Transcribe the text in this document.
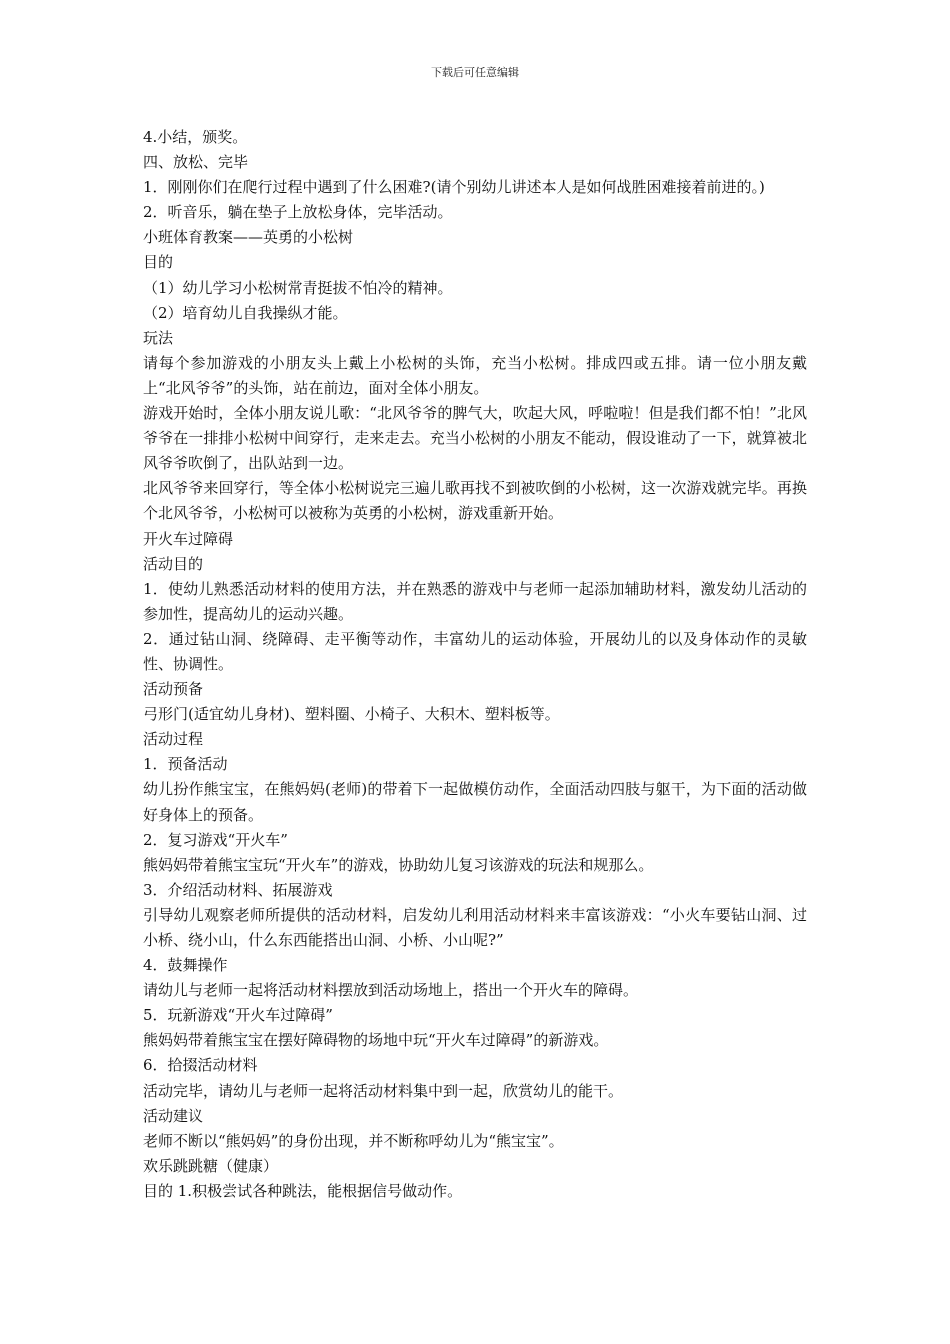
下载后可任意编辑

4.小结，颁奖。

四、放松、完毕

1．刚刚你们在爬行过程中遇到了什么困难?(请个别幼儿讲述本人是如何战胜困难接着前进的。)

2．听音乐，躺在垫子上放松身体，完毕活动。

小班体育教案——英勇的小松树

目的

（1）幼儿学习小松树常青挺拔不怕冷的精神。

（2）培育幼儿自我操纵才能。

玩法

请每个参加游戏的小朋友头上戴上小松树的头饰，充当小松树。排成四或五排。请一位小朋友戴上“北风爷爷”的头饰，站在前边，面对全体小朋友。

游戏开始时，全体小朋友说儿歌：“北风爷爷的脾气大，吹起大风，呼啦啦！但是我们都不怕！”北风爷爷在一排排小松树中间穿行，走来走去。充当小松树的小朋友不能动，假设谁动了一下，就算被北风爷爷吹倒了，出队站到一边。

北风爷爷来回穿行，等全体小松树说完三遍儿歌再找不到被吹倒的小松树，这一次游戏就完毕。再换个北风爷爷，小松树可以被称为英勇的小松树，游戏重新开始。

开火车过障碍

活动目的

1．使幼儿熟悉活动材料的使用方法，并在熟悉的游戏中与老师一起添加辅助材料，激发幼儿活动的参加性，提高幼儿的运动兴趣。

2．通过钻山洞、绕障碍、走平衡等动作，丰富幼儿的运动体验，开展幼儿的以及身体动作的灵敏性、协调性。

活动预备

弓形门(适宜幼儿身材)、塑料圈、小椅子、大积木、塑料板等。

活动过程

1．预备活动

幼儿扮作熊宝宝，在熊妈妈(老师)的带着下一起做模仿动作，全面活动四肢与躯干，为下面的活动做好身体上的预备。

2．复习游戏“开火车”

熊妈妈带着熊宝宝玩“开火车”的游戏，协助幼儿复习该游戏的玩法和规那么。

3．介绍活动材料、拓展游戏

引导幼儿观察老师所提供的活动材料，启发幼儿利用活动材料来丰富该游戏：“小火车要钻山洞、过小桥、绕小山，什么东西能搭出山洞、小桥、小山呢?”

4．鼓舞操作

请幼儿与老师一起将活动材料摆放到活动场地上，搭出一个开火车的障碍。

5．玩新游戏“开火车过障碍”

熊妈妈带着熊宝宝在摆好障碍物的场地中玩“开火车过障碍”的新游戏。

6．拾掇活动材料

活动完毕，请幼儿与老师一起将活动材料集中到一起，欣赏幼儿的能干。

活动建议

老师不断以“熊妈妈”的身份出现，并不断称呼幼儿为“熊宝宝”。

欢乐跳跳糖（健康）

目的 1.积极尝试各种跳法，能根据信号做动作。
